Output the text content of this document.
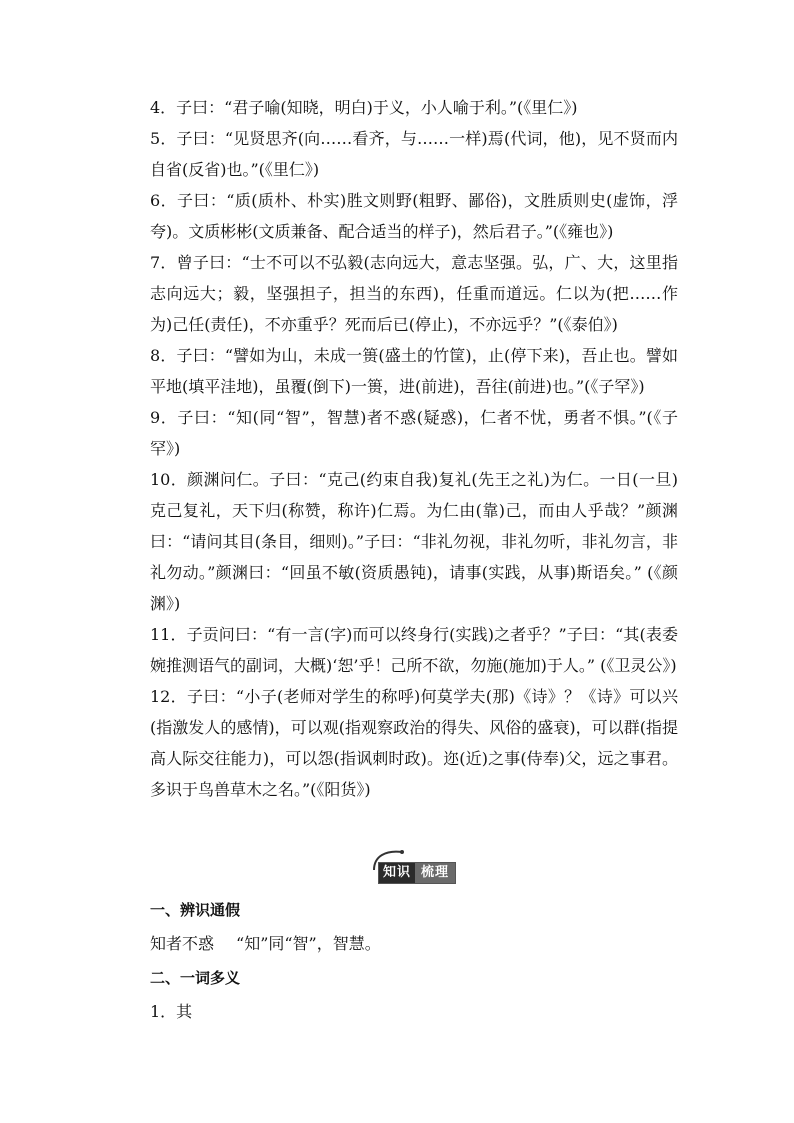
4．子曰：“君子喻(知晓，明白)于义，小人喻于利。”(《里仁》)

5．子曰：“见贤思齐(向……看齐，与……一样)焉(代词，他)，见不贤而内自省(反省)也。”(《里仁》)

6．子曰：“质(质朴、朴实)胜文则野(粗野、鄙俗)，文胜质则史(虚饰，浮夸)。文质彬彬(文质兼备、配合适当的样子)，然后君子。”(《雍也》)

7．曾子曰：“士不可以不弘毅(志向远大，意志坚强。弘，广、大，这里指志向远大；毅，坚强担子，担当的东西)，任重而道远。仁以为(把……作为)己任(责任)，不亦重乎？死而后已(停止)，不亦远乎？”(《泰伯》)

8．子曰：“譬如为山，未成一篑(盛土的竹筐)，止(停下来)，吾止也。譬如平地(填平洼地)，虽覆(倒下)一篑，进(前进)，吾往(前进)也。”(《子罕》)

9．子曰：“知(同“智”，智慧)者不惑(疑惑)，仁者不忧，勇者不惧。”(《子罕》)

10．颜渊问仁。子曰：“克己(约束自我)复礼(先王之礼)为仁。一日(一旦)克己复礼，天下归(称赞，称许)仁焉。为仁由(靠)己，而由人乎哉？”颜渊曰：“请问其目(条目，细则)。”子曰：“非礼勿视，非礼勿听，非礼勿言，非礼勿动。”颜渊曰：“回虽不敏(资质愚钝)，请事(实践，从事)斯语矣。” (《颜渊》)

11．子贡问曰：“有一言(字)而可以终身行(实践)之者乎？”子曰：“其(表委婉推测语气的副词，大概)‘恕’乎！己所不欲，勿施(施加)于人。” (《卫灵公》)

12．子曰：“小子(老师对学生的称呼)何莫学夫(那)《诗》？《诗》可以兴(指激发人的感情)，可以观(指观察政治的得失、风俗的盛衰)，可以群(指提高人际交往能力)，可以怨(指讽刺时政)。迩(近)之事(侍奉)父，远之事君。多识于鸟兽草木之名。”(《阳货》)

知识 梳理
一、辨识通假
知者不惑 “知”同“智”，智慧。
二、一词多义
1．其
